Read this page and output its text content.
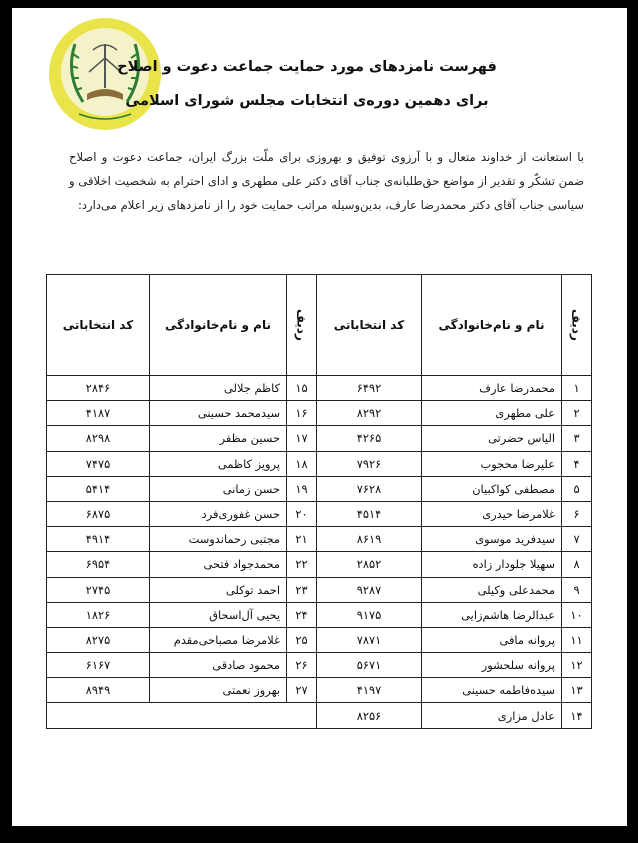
فهرست نامزدهای مورد حمایت جماعت دعوت و اصلاح
برای دهمین دوره‌ی انتخابات مجلس شورای اسلامی
با استعانت از خداوند متعال و با آرزوی توفیق و بهروزی برای ملّت بزرگ ایران، جماعت دعوت و اصلاح ضمن تشکّر و تقدیر از مواضع حق‌طلبانه‌ی جناب آقای دکتر علی مطهری و ادای احترام به شخصیت اخلاقی و سیاسی جناب آقای دکتر محمدرضا عارف، بدین‌وسیله مراتب حمایت خود را از نامزدهای زیر اعلام می‌دارد:
ردیف	نام و نام‌خانوادگی	کد انتخاباتی	ردیف	نام و نام‌خانوادگی	کد انتخاباتی
۱	محمدرضا عارف	۶۴۹۲	۱۵	کاظم جلالی	۲۸۴۶
۲	علی مطهری	۸۲۹۲	۱۶	سیدمحمد حسینی	۴۱۸۷
۳	الیاس حضرتی	۴۲۶۵	۱۷	حسین مظفر	۸۲۹۸
۴	علیرضا محجوب	۷۹۲۶	۱۸	پرویز کاظمی	۷۴۷۵
۵	مصطفی کواکبیان	۷۶۲۸	۱۹	حسن زمانی	۵۴۱۴
۶	غلامرضا حیدری	۴۵۱۴	۲۰	حسن غفوری‌فرد	۶۸۷۵
۷	سیدفرید موسوی	۸۶۱۹	۲۱	مجتبی رحماندوست	۴۹۱۴
۸	سهیلا جلودار زاده	۲۸۵۲	۲۲	محمدجواد فتحی	۶۹۵۴
۹	محمدعلی وکیلی	۹۲۸۷	۲۳	احمد توکلی	۲۷۴۵
۱۰	عبدالرضا هاشم‌زایی	۹۱۷۵	۲۴	یحیی آل‌اسحاق	۱۸۲۶
۱۱	پروانه مافی	۷۸۷۱	۲۵	غلامرضا مصباحی‌مقدم	۸۲۷۵
۱۲	پروانه سلحشور	۵۶۷۱	۲۶	محمود صادقی	۶۱۶۷
۱۳	سیده‌فاطمه حسینی	۴۱۹۷	۲۷	بهروز نعمتی	۸۹۴۹
۱۴	عادل مزاری	۸۲۵۶			
